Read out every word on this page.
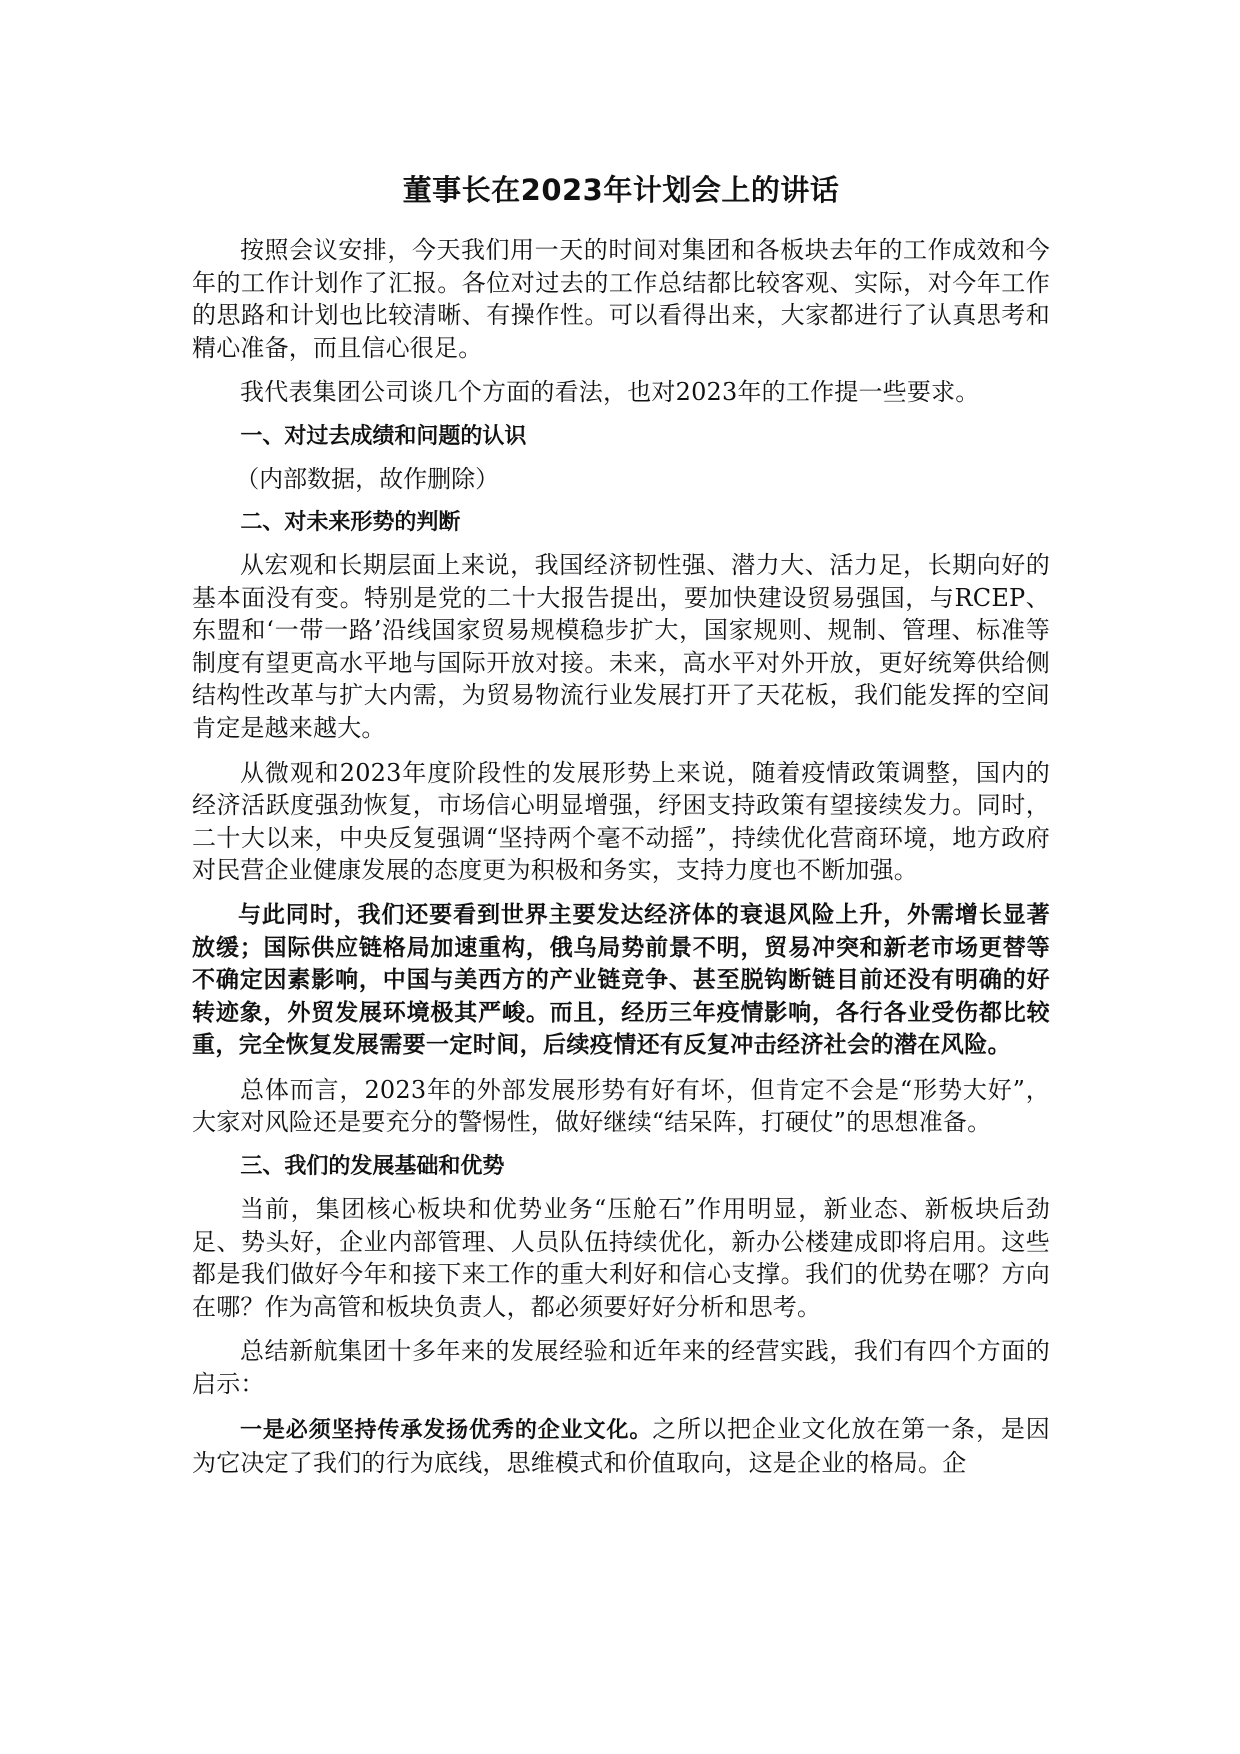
董事长在2023年计划会上的讲话

按照会议安排，今天我们用一天的时间对集团和各板块去年的工作成效和今年的工作计划作了汇报。各位对过去的工作总结都比较客观、实际，对今年工作的思路和计划也比较清晰、有操作性。可以看得出来，大家都进行了认真思考和精心准备，而且信心很足。

我代表集团公司谈几个方面的看法，也对2023年的工作提一些要求。

一、对过去成绩和问题的认识

（内部数据，故作删除）

二、对未来形势的判断

从宏观和长期层面上来说，我国经济韧性强、潜力大、活力足，长期向好的基本面没有变。特别是党的二十大报告提出，要加快建设贸易强国，与RCEP、东盟和‘一带一路’沿线国家贸易规模稳步扩大，国家规则、规制、管理、标准等制度有望更高水平地与国际开放对接。未来，高水平对外开放，更好统筹供给侧结构性改革与扩大内需，为贸易物流行业发展打开了天花板，我们能发挥的空间肯定是越来越大。

从微观和2023年度阶段性的发展形势上来说，随着疫情政策调整，国内的经济活跃度强劲恢复，市场信心明显增强，纾困支持政策有望接续发力。同时，二十大以来，中央反复强调“坚持两个毫不动摇”，持续优化营商环境，地方政府对民营企业健康发展的态度更为积极和务实，支持力度也不断加强。

与此同时，我们还要看到世界主要发达经济体的衰退风险上升，外需增长显著放缓；国际供应链格局加速重构，俄乌局势前景不明，贸易冲突和新老市场更替等不确定因素影响，中国与美西方的产业链竞争、甚至脱钩断链目前还没有明确的好转迹象，外贸发展环境极其严峻。而且，经历三年疫情影响，各行各业受伤都比较重，完全恢复发展需要一定时间，后续疫情还有反复冲击经济社会的潜在风险。

总体而言，2023年的外部发展形势有好有坏，但肯定不会是“形势大好”，大家对风险还是要充分的警惕性，做好继续“结呆阵，打硬仗”的思想准备。

三、我们的发展基础和优势

当前，集团核心板块和优势业务“压舱石”作用明显，新业态、新板块后劲足、势头好，企业内部管理、人员队伍持续优化，新办公楼建成即将启用。这些都是我们做好今年和接下来工作的重大利好和信心支撑。我们的优势在哪？方向在哪？作为高管和板块负责人，都必须要好好分析和思考。

总结新航集团十多年来的发展经验和近年来的经营实践，我们有四个方面的启示：

一是必须坚持传承发扬优秀的企业文化。之所以把企业文化放在第一条，是因为它决定了我们的行为底线，思维模式和价值取向，这是企业的格局。企
